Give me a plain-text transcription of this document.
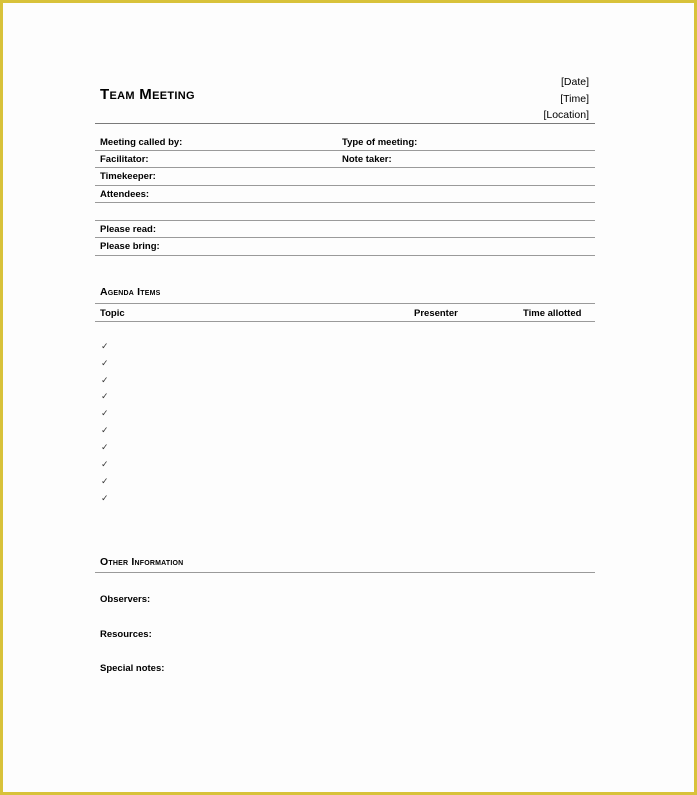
Team Meeting
[Date]
[Time]
[Location]
Meeting called by:	Type of meeting:
Facilitator:	Note taker:
Timekeeper:
Attendees:
Please read:
Please bring:
Agenda Items
Topic	Presenter	Time allotted
✓
✓
✓
✓
✓
✓
✓
✓
✓
✓
Other Information
Observers:
Resources:
Special notes:
